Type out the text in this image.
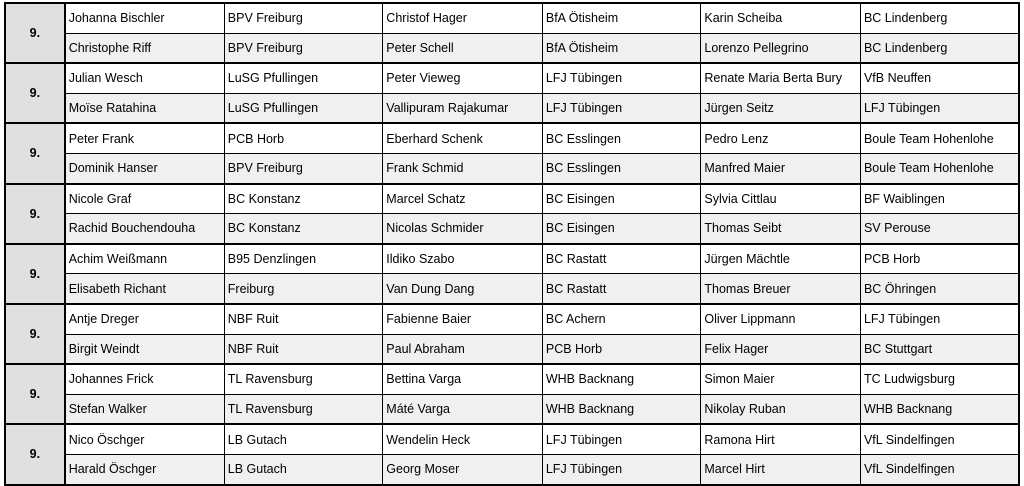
9.	Johanna Bischler	BPV Freiburg	Christof Hager	BfA Ötisheim	Karin Scheiba	BC Lindenberg
	Christophe Riff	BPV Freiburg	Peter Schell	BfA Ötisheim	Lorenzo Pellegrino	BC Lindenberg
9.	Julian Wesch	LuSG Pfullingen	Peter Vieweg	LFJ Tübingen	Renate Maria Berta Bury	VfB Neuffen
	Moïse Ratahina	LuSG Pfullingen	Vallipuram Rajakumar	LFJ Tübingen	Jürgen Seitz	LFJ Tübingen
9.	Peter Frank	PCB Horb	Eberhard Schenk	BC Esslingen	Pedro Lenz	Boule Team Hohenlohe
	Dominik Hanser	BPV Freiburg	Frank Schmid	BC Esslingen	Manfred Maier	Boule Team Hohenlohe
9.	Nicole Graf	BC Konstanz	Marcel Schatz	BC Eisingen	Sylvia Cittlau	BF Waiblingen
	Rachid Bouchendouha	BC Konstanz	Nicolas Schmider	BC Eisingen	Thomas Seibt	SV Perouse
9.	Achim Weißmann	B95 Denzlingen	Ildiko Szabo	BC Rastatt	Jürgen Mächtle	PCB Horb
	Elisabeth Richant	Freiburg	Van Dung Dang	BC Rastatt	Thomas Breuer	BC Öhringen
9.	Antje Dreger	NBF Ruit	Fabienne Baier	BC Achern	Oliver Lippmann	LFJ Tübingen
	Birgit Weindt	NBF Ruit	Paul Abraham	PCB Horb	Felix Hager	BC Stuttgart
9.	Johannes Frick	TL Ravensburg	Bettina Varga	WHB Backnang	Simon Maier	TC Ludwigsburg
	Stefan Walker	TL Ravensburg	Máté Varga	WHB Backnang	Nikolay Ruban	WHB Backnang
9.	Nico Öschger	LB Gutach	Wendelin Heck	LFJ Tübingen	Ramona Hirt	VfL Sindelfingen
	Harald Öschger	LB Gutach	Georg Moser	LFJ Tübingen	Marcel Hirt	VfL Sindelfingen
